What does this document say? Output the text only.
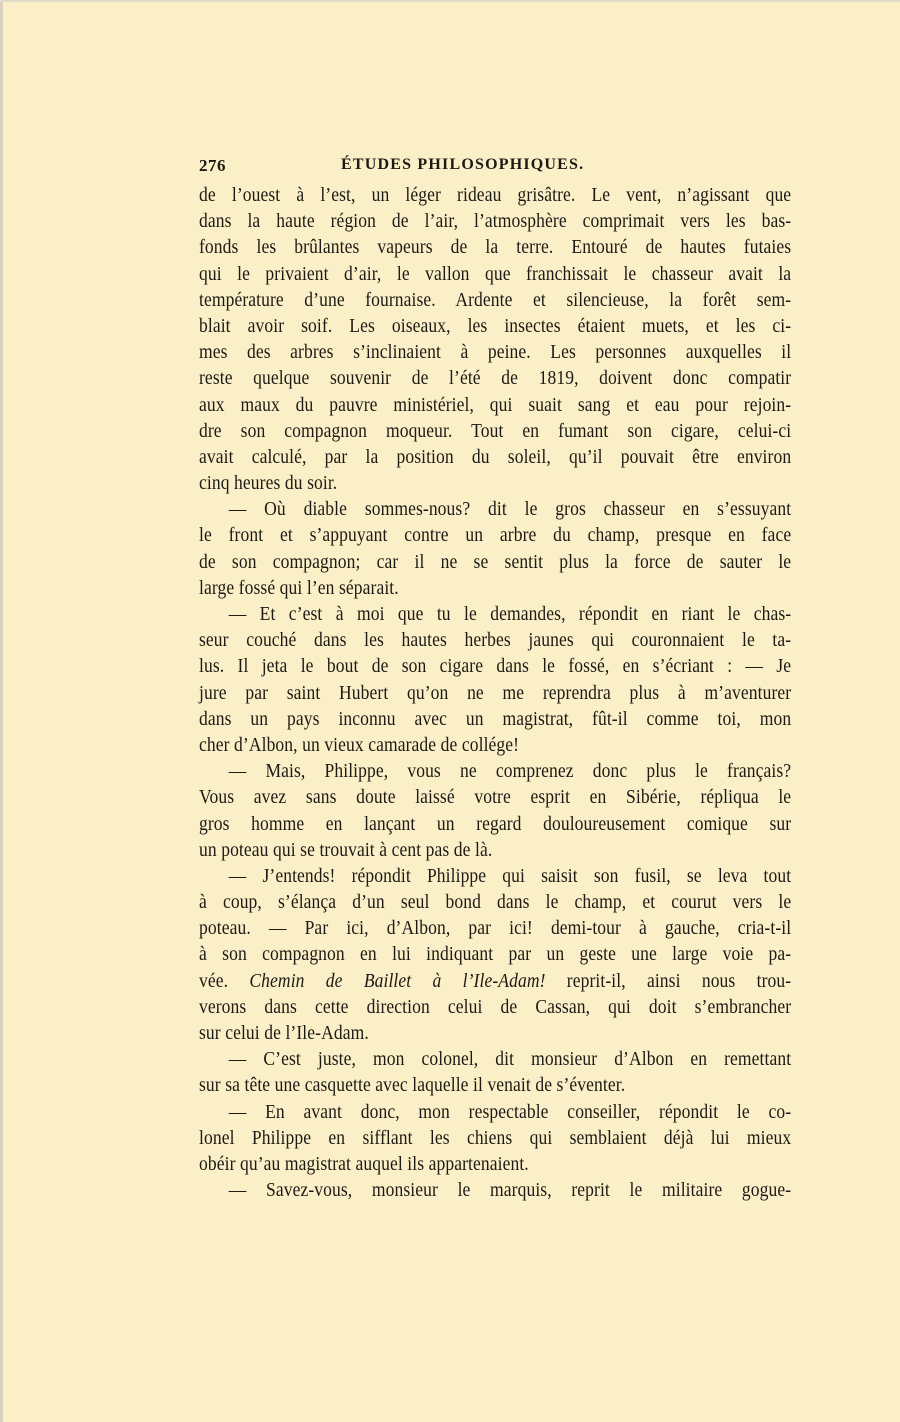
276	ÉTUDES PHILOSOPHIQUES.
de l’ouest à l’est, un léger rideau grisâtre. Le vent, n’agissant que
dans la haute région de l’air, l’atmosphère comprimait vers les bas-
fonds les brûlantes vapeurs de la terre. Entouré de hautes futaies
qui le privaient d’air, le vallon que franchissait le chasseur avait la
température d’une fournaise. Ardente et silencieuse, la forêt sem-
blait avoir soif. Les oiseaux, les insectes étaient muets, et les ci-
mes des arbres s’inclinaient à peine. Les personnes auxquelles il
reste quelque souvenir de l’été de 1819, doivent donc compatir
aux maux du pauvre ministériel, qui suait sang et eau pour rejoin-
dre son compagnon moqueur. Tout en fumant son cigare, celui-ci
avait calculé, par la position du soleil, qu’il pouvait être environ
cinq heures du soir.
— Où diable sommes-nous? dit le gros chasseur en s’essuyant
le front et s’appuyant contre un arbre du champ, presque en face
de son compagnon; car il ne se sentit plus la force de sauter le
large fossé qui l’en séparait.
— Et c’est à moi que tu le demandes, répondit en riant le chas-
seur couché dans les hautes herbes jaunes qui couronnaient le ta-
lus. Il jeta le bout de son cigare dans le fossé, en s’écriant : — Je
jure par saint Hubert qu’on ne me reprendra plus à m’aventurer
dans un pays inconnu avec un magistrat, fût-il comme toi, mon
cher d’Albon, un vieux camarade de collége!
— Mais, Philippe, vous ne comprenez donc plus le français?
Vous avez sans doute laissé votre esprit en Sibérie, répliqua le
gros homme en lançant un regard douloureusement comique sur
un poteau qui se trouvait à cent pas de là.
— J’entends! répondit Philippe qui saisit son fusil, se leva tout
à coup, s’élança d’un seul bond dans le champ, et courut vers le
poteau. — Par ici, d’Albon, par ici! demi-tour à gauche, cria-t-il
à son compagnon en lui indiquant par un geste une large voie pa-
vée. Chemin de Baillet à l’Ile-Adam! reprit-il, ainsi nous trou-
verons dans cette direction celui de Cassan, qui doit s’embrancher
sur celui de l’Ile-Adam.
— C’est juste, mon colonel, dit monsieur d’Albon en remettant
sur sa tête une casquette avec laquelle il venait de s’éventer.
— En avant donc, mon respectable conseiller, répondit le co-
lonel Philippe en sifflant les chiens qui semblaient déjà lui mieux
obéir qu’au magistrat auquel ils appartenaient.
— Savez-vous, monsieur le marquis, reprit le militaire gogue-
